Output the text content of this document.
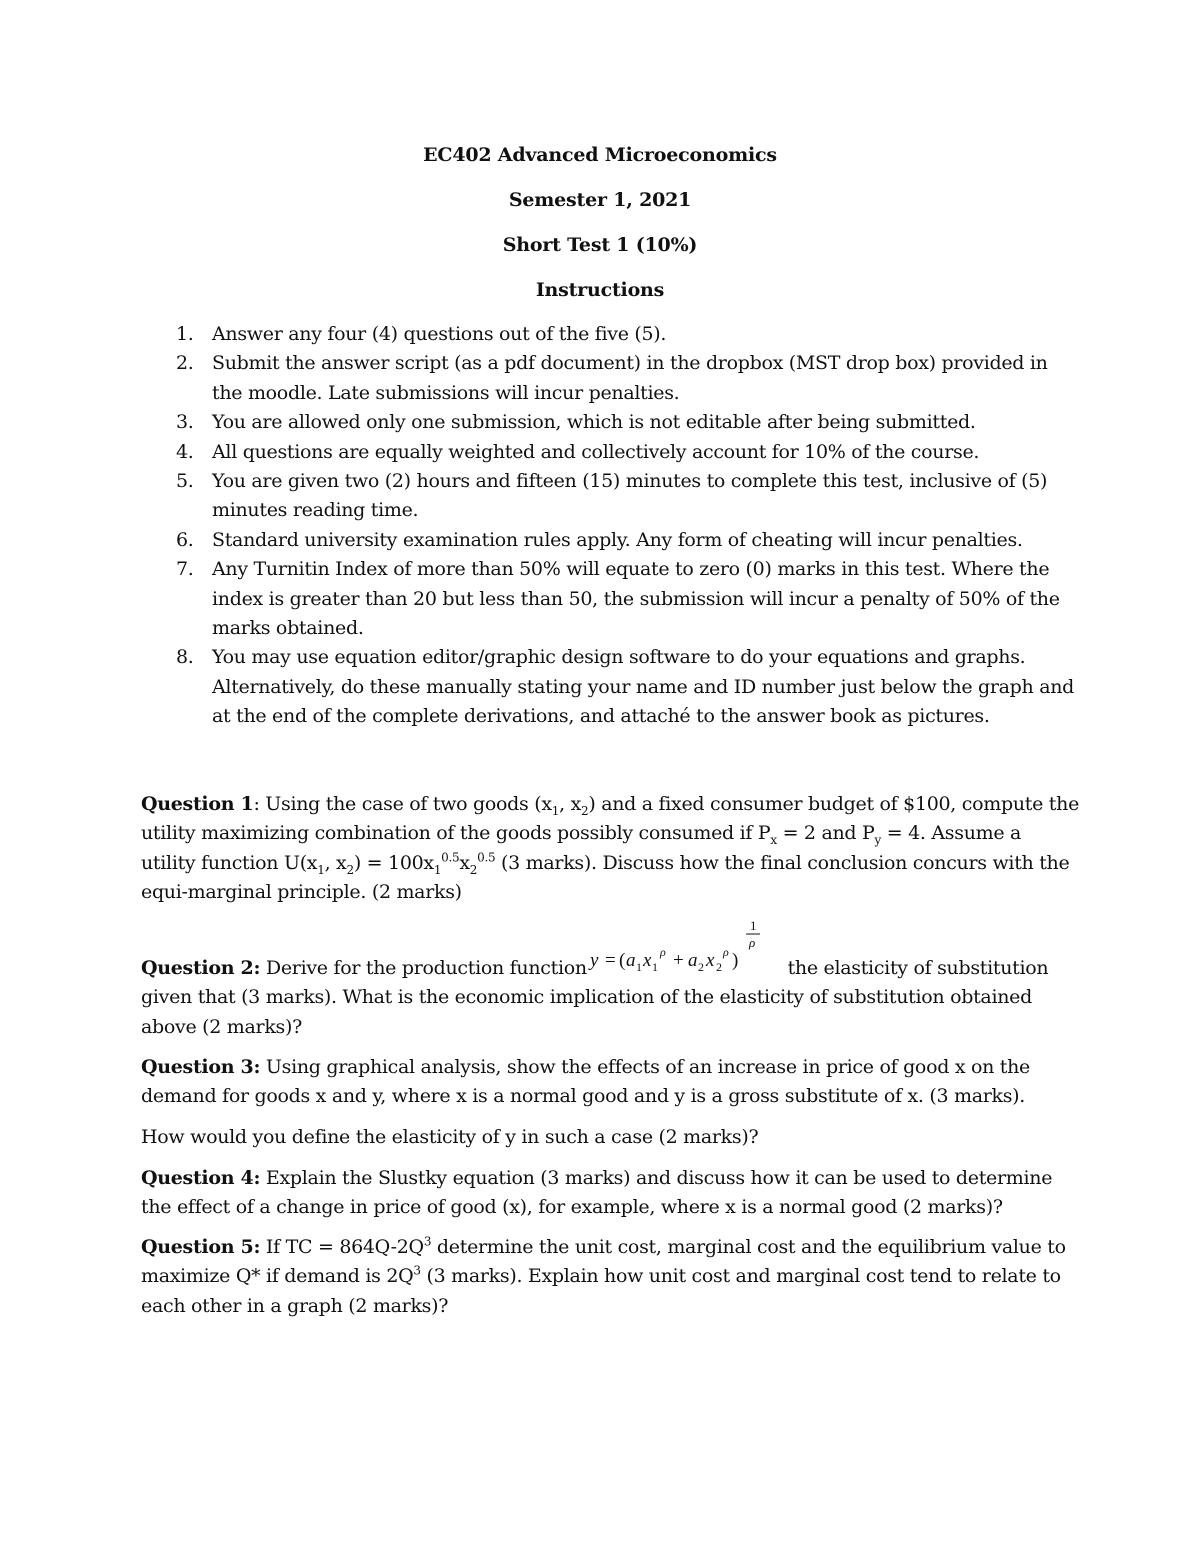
EC402 Advanced Microeconomics
Semester 1, 2021
Short Test 1 (10%)
Instructions
1. Answer any four (4) questions out of the five (5).
2. Submit the answer script (as a pdf document) in the dropbox (MST drop box) provided in the moodle. Late submissions will incur penalties.
3. You are allowed only one submission, which is not editable after being submitted.
4. All questions are equally weighted and collectively account for 10% of the course.
5. You are given two (2) hours and fifteen (15) minutes to complete this test, inclusive of (5) minutes reading time.
6. Standard university examination rules apply. Any form of cheating will incur penalties.
7. Any Turnitin Index of more than 50% will equate to zero (0) marks in this test. Where the index is greater than 20 but less than 50, the submission will incur a penalty of 50% of the marks obtained.
8. You may use equation editor/graphic design software to do your equations and graphs. Alternatively, do these manually stating your name and ID number just below the graph and at the end of the complete derivations, and attaché to the answer book as pictures.

Question 1: Using the case of two goods ($x_1$, $x_2$) and a fixed consumer budget of $100, compute the utility maximizing combination of the goods possibly consumed if $P_x = 2$ and $P_y = 4$. Assume a utility function $U(x_1$, $x_2) = 100x_1^{0.5}x_2^{0.5}$ (3 marks). Discuss how the final conclusion concurs with the equi-marginal principle. (2 marks)

Question 2: Derive for the production function y = ( a 1 x 1
ρ + a 2 x 2
ρ )
1
ρ
the elasticity of substitution given that (3 marks). What is the economic implication of the elasticity of substitution obtained above (2 marks)?

Question 3: Using graphical analysis, show the effects of an increase in price of good x on the demand for goods x and y, where x is a normal good and y is a gross substitute of x. (3 marks).

How would you define the elasticity of y in such a case (2 marks)?

Question 4: Explain the Slustky equation (3 marks) and discuss how it can be used to determine the effect of a change in price of good (x), for example, where x is a normal good (2 marks)?

Question 5: If TC = $864Q-2Q^3$ determine the unit cost, marginal cost and the equilibrium value to maximize Q* if demand is $2Q^3$ (3 marks). Explain how unit cost and marginal cost tend to relate to each other in a graph (2 marks)?
